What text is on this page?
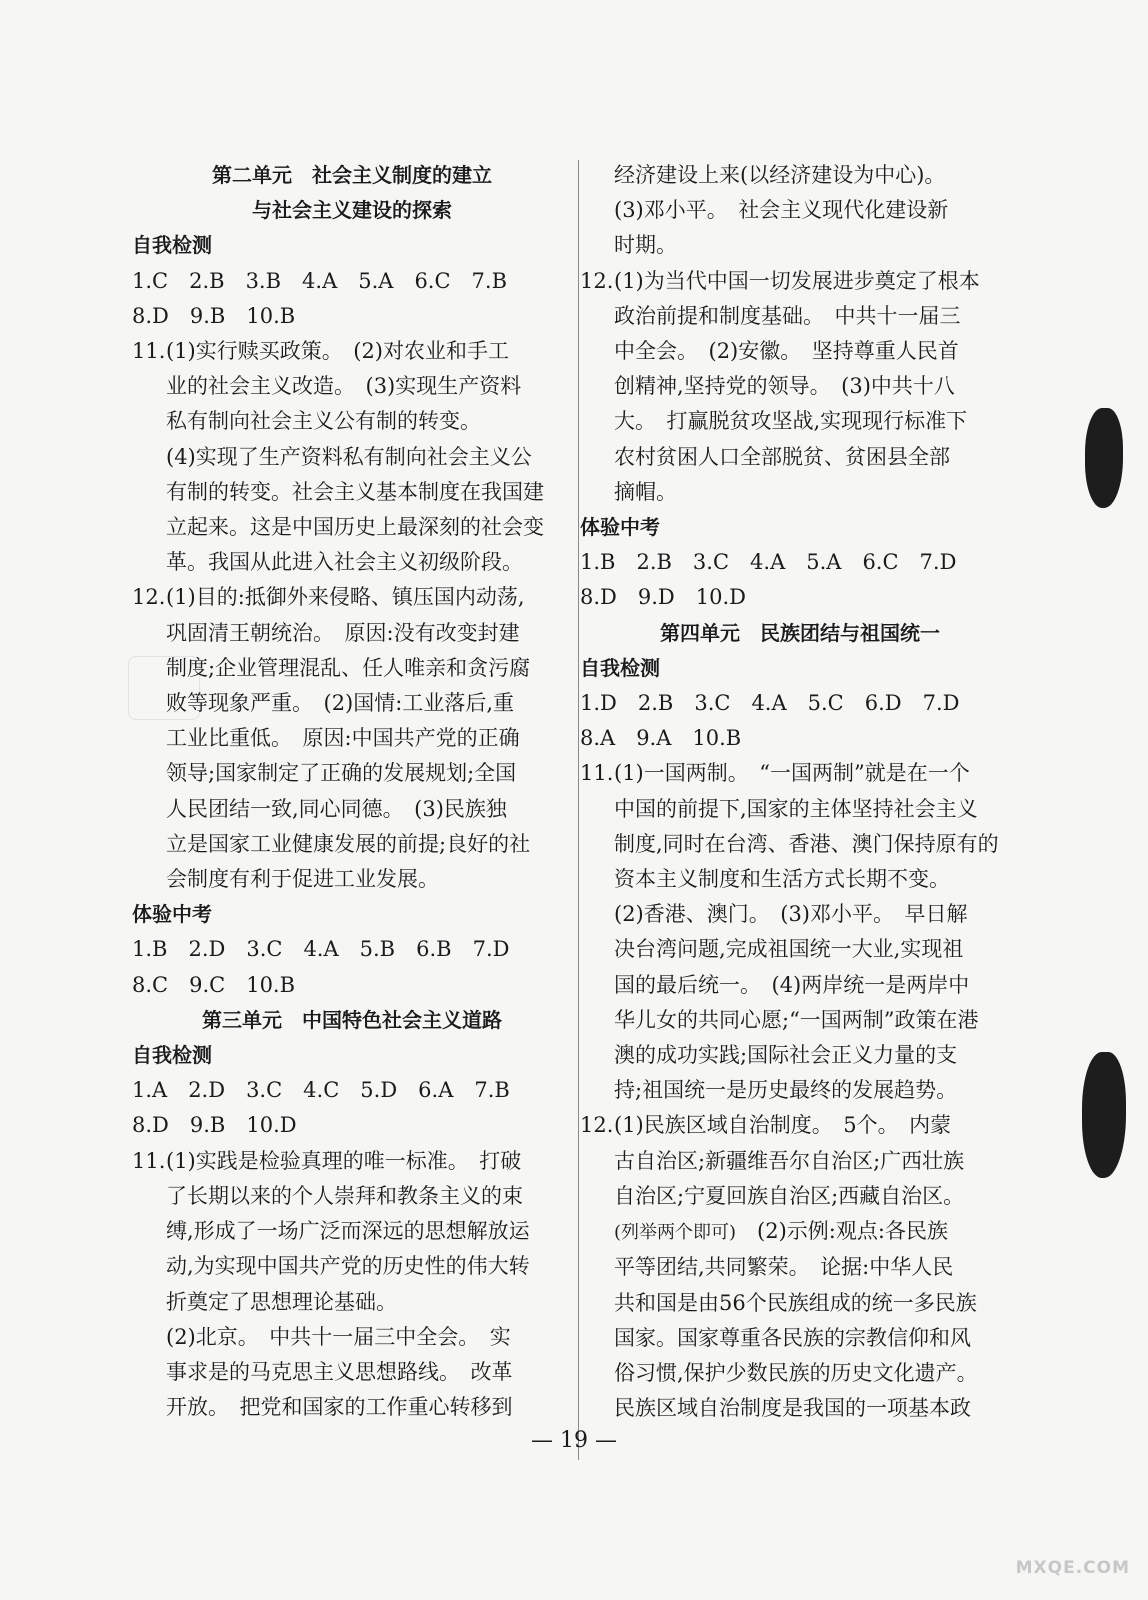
第二单元　社会主义制度的建立
与社会主义建设的探索
自我检测
1.C　2.B　3.B　4.A　5.A　6.C　7.B
8.D　9.B　10.B
11. (1)实行赎买政策。　(2)对农业和手工
业的社会主义改造。　(3)实现生产资料
私有制向社会主义公有制的转变。
(4)实现了生产资料私有制向社会主义公
有制的转变。社会主义基本制度在我国建
立起来。这是中国历史上最深刻的社会变
革。我国从此进入社会主义初级阶段。
12. (1)目的:抵御外来侵略、镇压国内动荡,
巩固清王朝统治。　原因:没有改变封建
制度;企业管理混乱、任人唯亲和贪污腐
败等现象严重。　(2)国情:工业落后,重
工业比重低。　原因:中国共产党的正确
领导;国家制定了正确的发展规划;全国
人民团结一致,同心同德。　(3)民族独
立是国家工业健康发展的前提;良好的社
会制度有利于促进工业发展。
体验中考
1.B　2.D　3.C　4.A　5.B　6.B　7.D
8.C　9.C　10.B
第三单元　中国特色社会主义道路
自我检测
1.A　2.D　3.C　4.C　5.D　6.A　7.B
8.D　9.B　10.D
11. (1)实践是检验真理的唯一标准。　打破
了长期以来的个人崇拜和教条主义的束
缚,形成了一场广泛而深远的思想解放运
动,为实现中国共产党的历史性的伟大转
折奠定了思想理论基础。
(2)北京。　中共十一届三中全会。　实
事求是的马克思主义思想路线。　改革
开放。　把党和国家的工作重心转移到
经济建设上来(以经济建设为中心)。
(3)邓小平。　社会主义现代化建设新
时期。
12. (1)为当代中国一切发展进步奠定了根本
政治前提和制度基础。　中共十一届三
中全会。　(2)安徽。　坚持尊重人民首
创精神,坚持党的领导。　(3)中共十八
大。　打赢脱贫攻坚战,实现现行标准下
农村贫困人口全部脱贫、贫困县全部
摘帽。
体验中考
1.B　2.B　3.C　4.A　5.A　6.C　7.D
8.D　9.D　10.D
第四单元　民族团结与祖国统一
自我检测
1.D　2.B　3.C　4.A　5.C　6.D　7.D
8.A　9.A　10.B
11. (1)一国两制。　“一国两制”就是在一个
中国的前提下,国家的主体坚持社会主义
制度,同时在台湾、香港、澳门保持原有的
资本主义制度和生活方式长期不变。
(2)香港、澳门。　(3)邓小平。　早日解
决台湾问题,完成祖国统一大业,实现祖
国的最后统一。　(4)两岸统一是两岸中
华儿女的共同心愿;“一国两制”政策在港
澳的成功实践;国际社会正义力量的支
持;祖国统一是历史最终的发展趋势。
12. (1)民族区域自治制度。　5个。　内蒙
古自治区;新疆维吾尔自治区;广西壮族
自治区;宁夏回族自治区;西藏自治区。
(列举两个即可)　(2)示例:观点:各民族
平等团结,共同繁荣。　论据:中华人民
共和国是由56个民族组成的统一多民族
国家。国家尊重各民族的宗教信仰和风
俗习惯,保护少数民族的历史文化遗产。
民族区域自治制度是我国的一项基本政
— 19 —
MXQE.COM
